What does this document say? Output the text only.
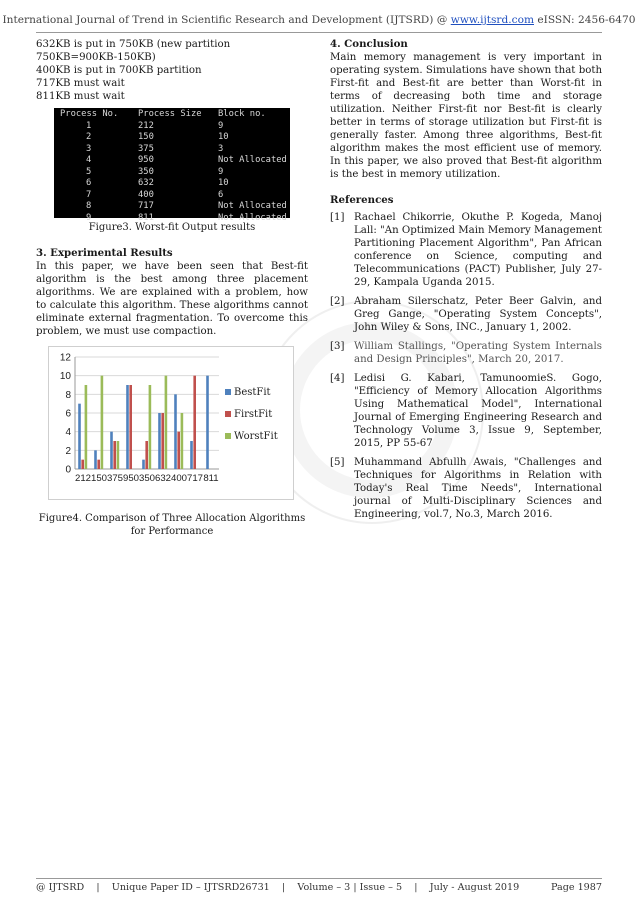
International Journal of Trend in Scientific Research and Development (IJTSRD) @ www.ijtsrd.com eISSN: 2456-6470

632KB is put in 750KB (new partition 750KB=900KB-150KB)

400KB is put in 700KB partition

717KB must wait

811KB must wait

Process No.	Process Size	Block no.
1	212	9
2	150	10
3	375	3
4	950	Not Allocated
5	350	9
6	632	10
7	400	6
8	717	Not Allocated
9	811	Not Allocated

Figure3. Worst-fit Output results

3. Experimental Results

In this paper, we have been seen that Best-fit algorithm is the best among three placement algorithms. We are explained with a problem, how to calculate this algorithm. These algorithms cannot eliminate external fragmentation. To overcome this problem, we must use compaction.

0
2
4
6
8
10
12
212 150 375 950 350 632 400 717 811
BestFit
FirstFit
WorstFit

Figure4. Comparison of Three Allocation Algorithms for Performance

4. Conclusion

Main memory management is very important in operating system. Simulations have shown that both First-fit and Best-fit are better than Worst-fit in terms of decreasing both time and storage utilization. Neither First-fit nor Best-fit is clearly better in terms of storage utilization but First-fit is generally faster. Among three algorithms, Best-fit algorithm makes the most efficient use of memory. In this paper, we also proved that Best-fit algorithm is the best in memory utilization.

References

[1] Rachael Chikorrie, Okuthe P. Kogeda, Manoj Lall: "An Optimized Main Memory Management Partitioning Placement Algorithm", Pan African conference on Science, computing and Telecommunications (PACT) Publisher, July 27-29, Kampala Uganda 2015.
[2] Abraham Silerschatz, Peter Beer Galvin, and Greg Gange, "Operating System Concepts", John Wiley & Sons, INC., January 1, 2002.
[3] William Stallings, "Operating System Internals and Design Principles", March 20, 2017.
[4] Ledisi G. Kabari, TamunoomieS. Gogo, "Efficiency of Memory Allocation Algorithms Using Mathematical Model", International Journal of Emerging Engineering Research and Technology Volume 3, Issue 9, September, 2015, PP 55-67
[5] Muhammand Abfullh Awais, "Challenges and Techniques for Algorithms in Relation with Today's Real Time Needs", International journal of Multi-Disciplinary Sciences and Engineering, vol.7, No.3, March 2016.
@ IJTSRD    |    Unique Paper ID – IJTSRD26731    |    Volume – 3 | Issue – 5    |    July - August 2019	Page 1987
